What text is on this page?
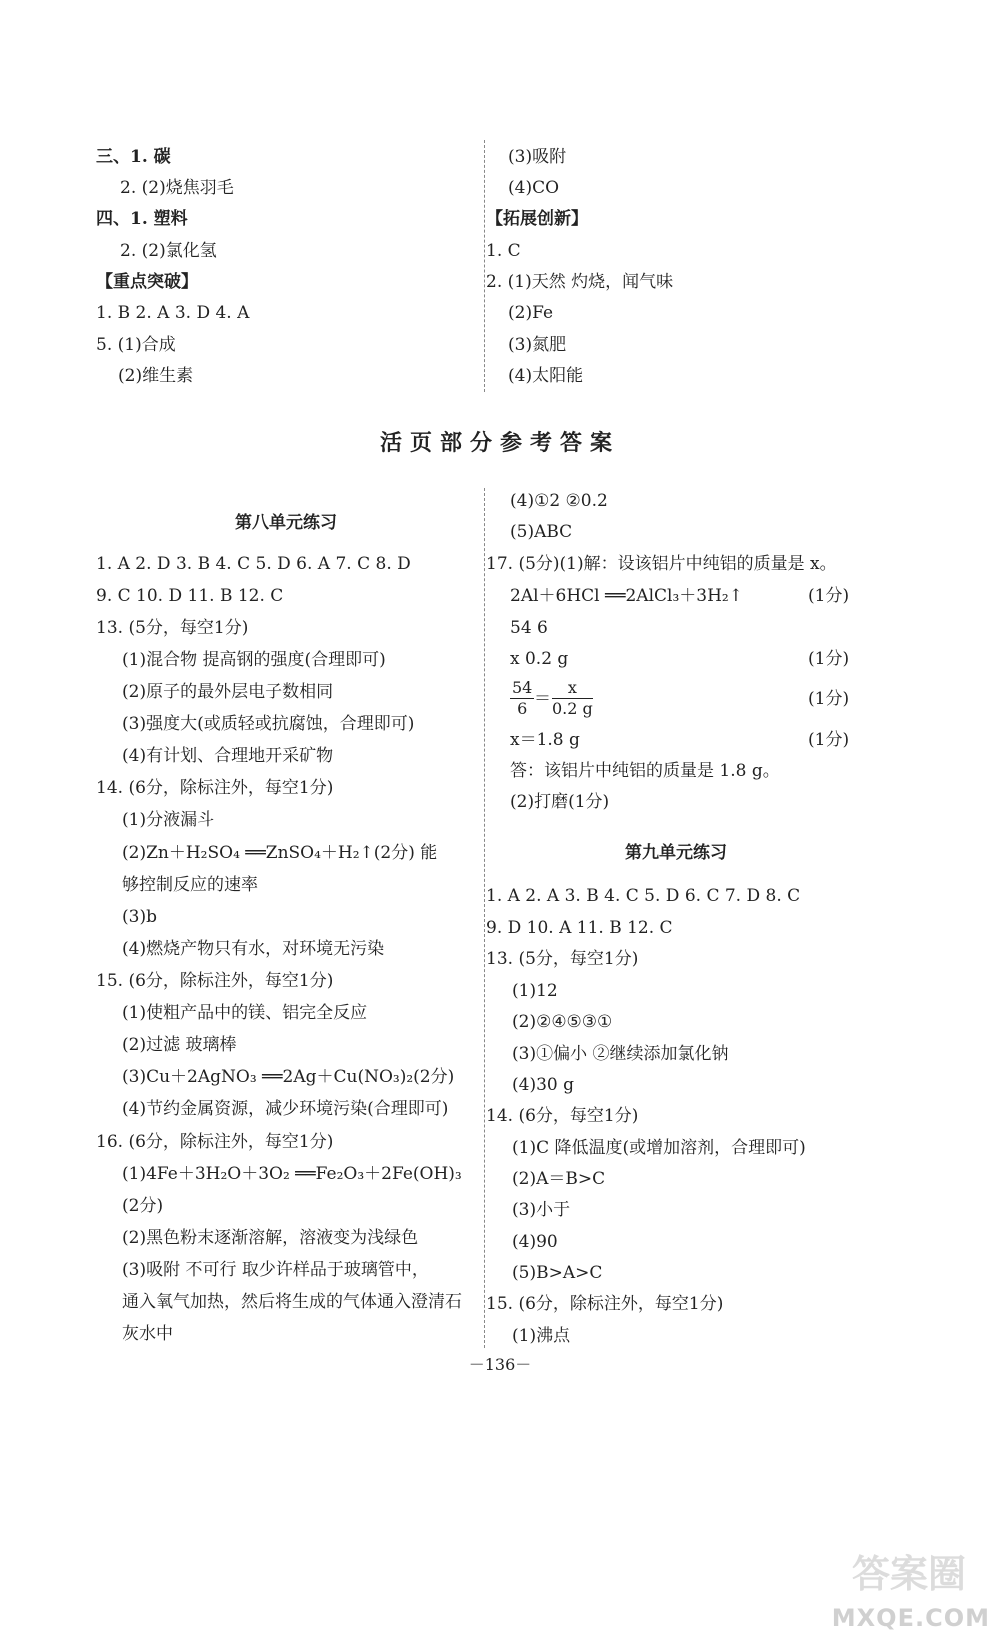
三、1. 碳
2. (2)烧焦羽毛
四、1. 塑料
2. (2)氯化氢
【重点突破】
1. B 2. A 3. D 4. A
5. (1)合成
(2)维生素
(3)吸附
(4)CO
【拓展创新】
1. C
2. (1)天然 灼烧，闻气味
(2)Fe
(3)氮肥
(4)太阳能
活页部分参考答案
第八单元练习
1. A 2. D 3. B 4. C 5. D 6. A 7. C 8. D
9. C 10. D 11. B 12. C
13. (5分，每空1分)
(1)混合物 提高钢的强度(合理即可)
(2)原子的最外层电子数相同
(3)强度大(或质轻或抗腐蚀，合理即可)
(4)有计划、合理地开采矿物
14. (6分，除标注外，每空1分)
(1)分液漏斗
(2)Zn＋H₂SO₄ ══ZnSO₄＋H₂↑(2分) 能
够控制反应的速率
(3)b
(4)燃烧产物只有水，对环境无污染
15. (6分，除标注外，每空1分)
(1)使粗产品中的镁、铝完全反应
(2)过滤 玻璃棒
(3)Cu＋2AgNO₃ ══2Ag＋Cu(NO₃)₂(2分)
(4)节约金属资源，减少环境污染(合理即可)
16. (6分，除标注外，每空1分)
(1)4Fe＋3H₂O＋3O₂ ══Fe₂O₃＋2Fe(OH)₃
(2分)
(2)黑色粉末逐渐溶解，溶液变为浅绿色
(3)吸附 不可行 取少许样品于玻璃管中，
通入氧气加热，然后将生成的气体通入澄清石
灰水中
(4)①2 ②0.2
(5)ABC
17. (5分)(1)解：设该铝片中纯铝的质量是 x。
2Al＋6HCl ══2AlCl₃＋3H₂↑	(1分)
54 6
x 0.2 g	(1分)
$\frac{54}{6} = \frac{x}{0.2 g}$	(1分)
x＝1.8 g	(1分)
答：该铝片中纯铝的质量是 1.8 g。
(2)打磨(1分)
第九单元练习
1. A 2. A 3. B 4. C 5. D 6. C 7. D 8. C
9. D 10. A 11. B 12. C
13. (5分，每空1分)
(1)12
(2)②④⑤③①
(3)①偏小 ②继续添加氯化钠
(4)30 g
14. (6分，每空1分)
(1)C 降低温度(或增加溶剂，合理即可)
(2)A＝B>C
(3)小于
(4)90
(5)B>A>C
15. (6分，除标注外，每空1分)
(1)沸点
－136－
答案圈
MXQE.COM
